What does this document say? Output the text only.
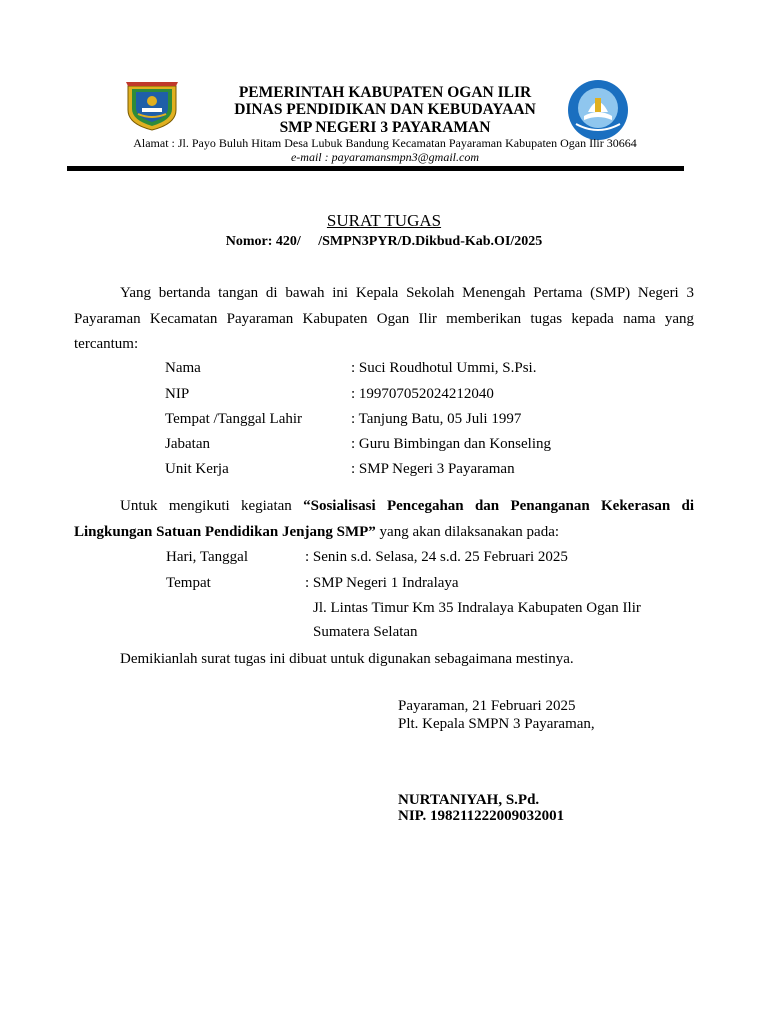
PEMERINTAH KABUPATEN OGAN ILIR
DINAS PENDIDIKAN DAN KEBUDAYAAN
SMP NEGERI 3 PAYARAMAN
Alamat : Jl. Payo Buluh Hitam Desa Lubuk Bandung Kecamatan Payaraman Kabupaten Ogan Ilir 30664
e-mail : payaramansmpn3@gmail.com
SURAT TUGAS
Nomor: 420/     /SMPN3PYR/D.Dikbud-Kab.OI/2025
Yang bertanda tangan di bawah ini Kepala Sekolah Menengah Pertama (SMP) Negeri 3 Payaraman Kecamatan Payaraman Kabupaten Ogan Ilir memberikan tugas kepada nama yang tercantum:
Nama	: Suci Roudhotul Ummi, S.Psi.
NIP	: 199707052024212040
Tempat /Tanggal Lahir	: Tanjung Batu, 05 Juli 1997
Jabatan	: Guru Bimbingan dan Konseling
Unit Kerja	: SMP Negeri 3 Payaraman
Untuk mengikuti kegiatan “Sosialisasi Pencegahan dan Penanganan Kekerasan di Lingkungan Satuan Pendidikan Jenjang SMP” yang akan dilaksanakan pada:
Hari, Tanggal	: Senin s.d. Selasa, 24 s.d. 25 Februari 2025
Tempat	: SMP Negeri 1 Indralaya
Jl. Lintas Timur Km 35 Indralaya Kabupaten Ogan Ilir
Sumatera Selatan
Demikianlah surat tugas ini dibuat untuk digunakan sebagaimana mestinya.
Payaraman, 21 Februari 2025
Plt. Kepala SMPN 3 Payaraman,
NURTANIYAH, S.Pd.
NIP. 198211222009032001
